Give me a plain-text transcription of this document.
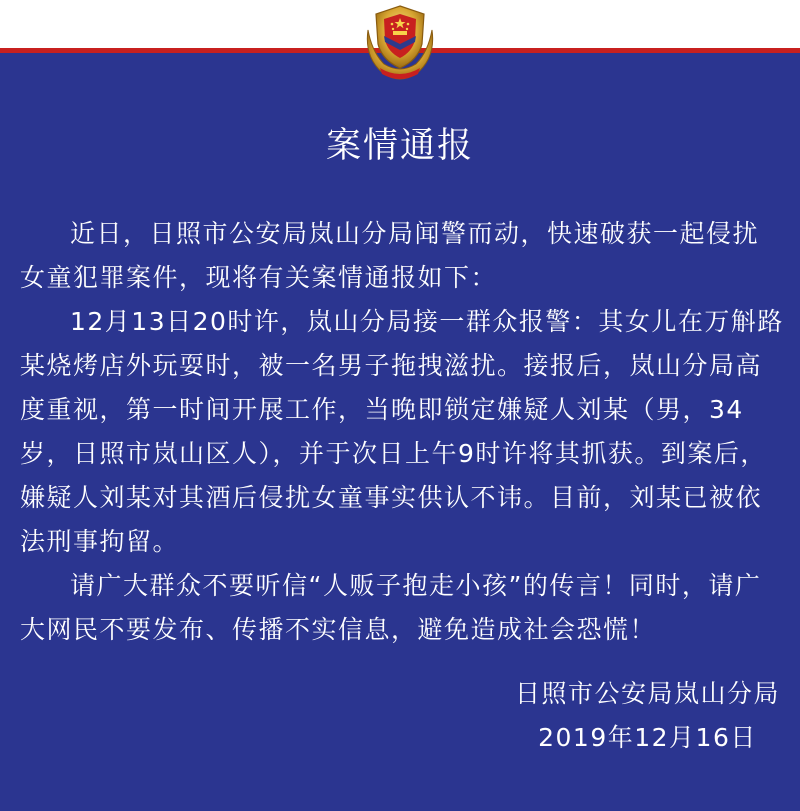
案情通报

近日，日照市公安局岚山分局闻警而动，快速破获一起侵扰女童犯罪案件，现将有关案情通报如下：

12月13日20时许，岚山分局接一群众报警：其女儿在万斛路某烧烤店外玩耍时，被一名男子拖拽滋扰。接报后，岚山分局高度重视，第一时间开展工作，当晚即锁定嫌疑人刘某（男，34岁，日照市岚山区人），并于次日上午9时许将其抓获。到案后，嫌疑人刘某对其酒后侵扰女童事实供认不讳。目前，刘某已被依法刑事拘留。

请广大群众不要听信“人贩子抱走小孩”的传言！同时，请广大网民不要发布、传播不实信息，避免造成社会恐慌！

日照市公安局岚山分局
2019年12月16日
